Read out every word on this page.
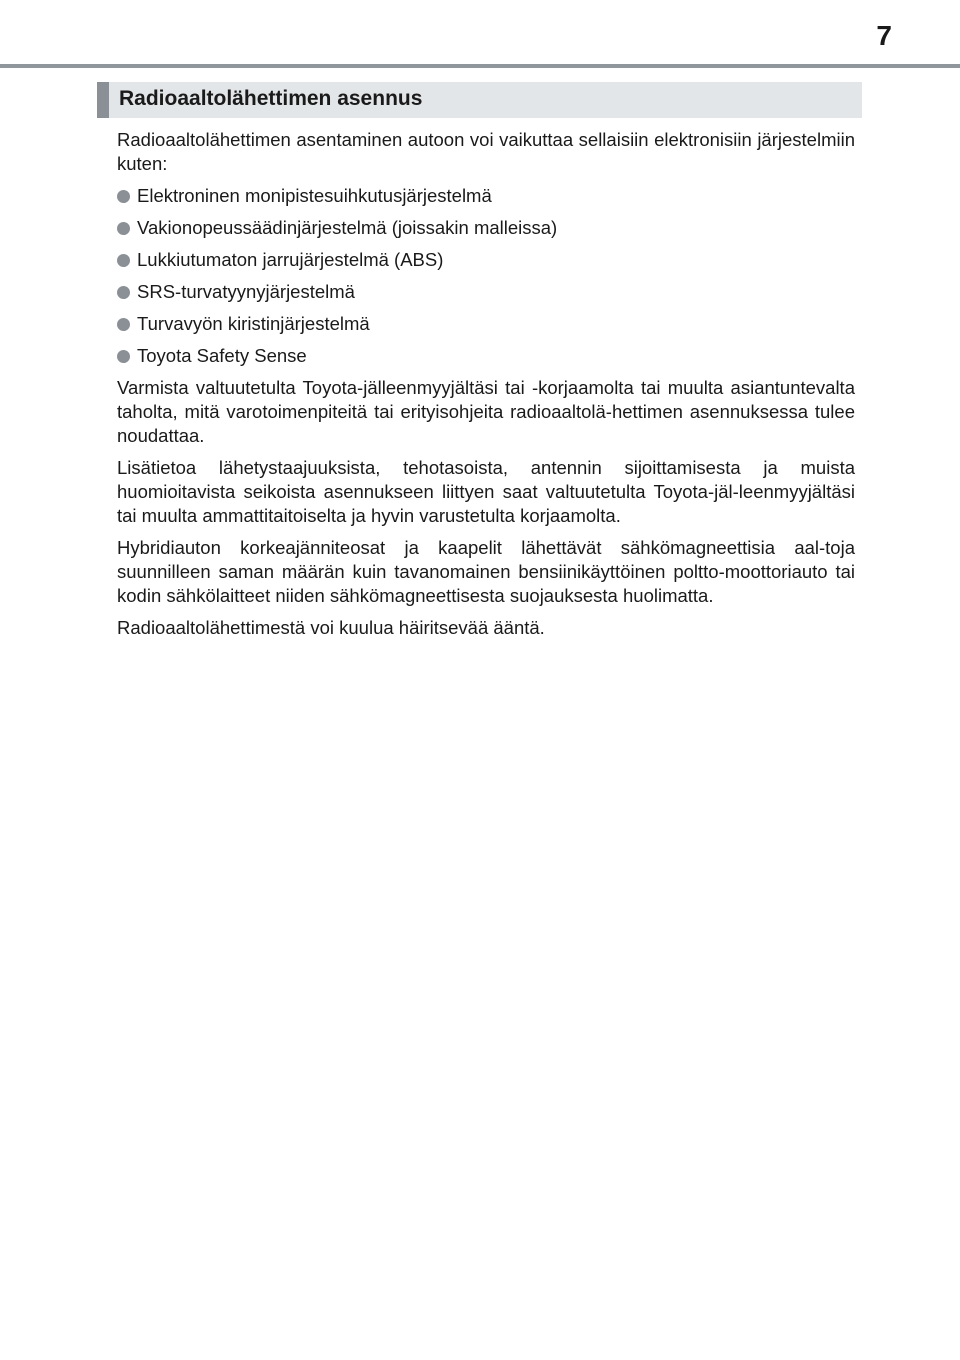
7
Radioaaltolähettimen asennus

Radioaaltolähettimen asentaminen autoon voi vaikuttaa sellaisiin elektronisiin järjestelmiin kuten:

Elektroninen monipistesuihkutusjärjestelmä
Vakionopeussäädinjärjestelmä (joissakin malleissa)
Lukkiutumaton jarrujärjestelmä (ABS)
SRS-turvatyynyjärjestelmä
Turvavyön kiristinjärjestelmä
Toyota Safety Sense

Varmista valtuutetulta Toyota-jälleenmyyjältäsi tai -korjaamolta tai muulta asiantuntevalta taholta, mitä varotoimenpiteitä tai erityisohjeita radioaaltolä-hettimen asennuksessa tulee noudattaa.

Lisätietoa lähetystaajuuksista, tehotasoista, antennin sijoittamisesta ja muista huomioitavista seikoista asennukseen liittyen saat valtuutetulta Toyota-jäl-leenmyyjältäsi tai muulta ammattitaitoiselta ja hyvin varustetulta korjaamolta.

Hybridiauton korkeajänniteosat ja kaapelit lähettävät sähkömagneettisia aal-toja suunnilleen saman määrän kuin tavanomainen bensiinikäyttöinen poltto-moottoriauto tai kodin sähkölaitteet niiden sähkömagneettisesta suojauksesta huolimatta.

Radioaaltolähettimestä voi kuulua häiritsevää ääntä.
